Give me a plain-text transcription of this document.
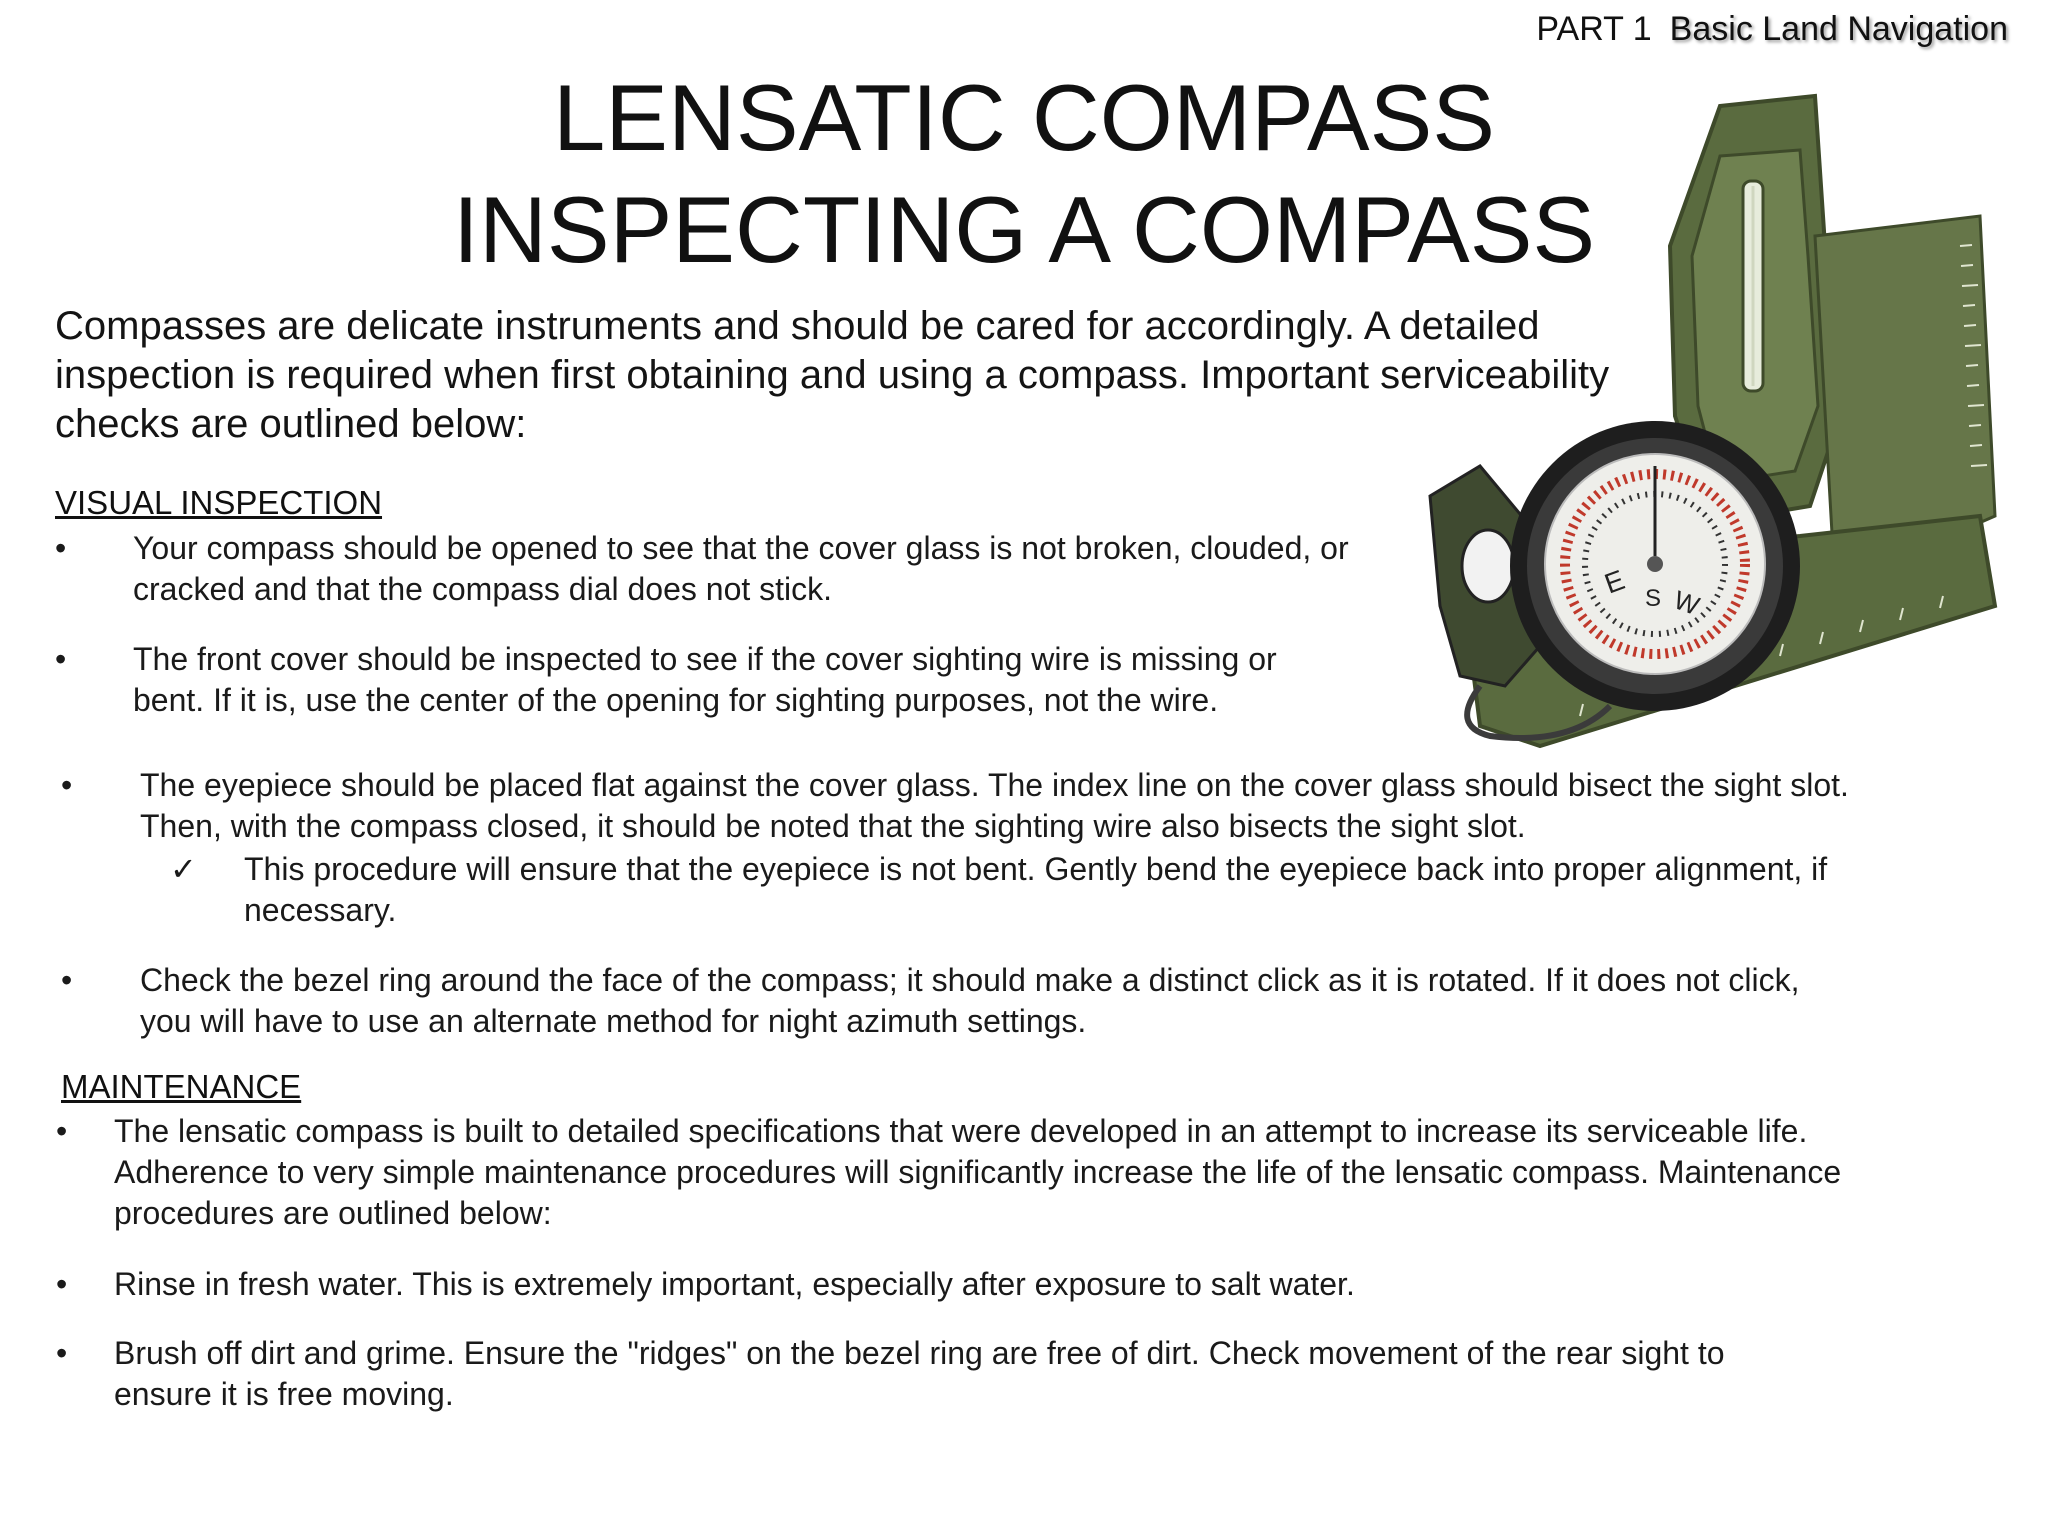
PART 1 Basic Land Navigation
LENSATIC COMPASS
INSPECTING A COMPASS
E S W

Compasses are delicate instruments and should be cared for accordingly. A detailed
inspection is required when first obtaining and using a compass. Important serviceability
checks are outlined below:

VISUAL INSPECTION
• Your compass should be opened to see that the cover glass is not broken, clouded, or
cracked and that the compass dial does not stick.
• The front cover should be inspected to see if the cover sighting wire is missing or
bent. If it is, use the center of the opening for sighting purposes, not the wire.
• The eyepiece should be placed flat against the cover glass. The index line on the cover glass should bisect the sight slot.
Then, with the compass closed, it should be noted that the sighting wire also bisects the sight slot.
✓ This procedure will ensure that the eyepiece is not bent. Gently bend the eyepiece back into proper alignment, if
necessary.
• Check the bezel ring around the face of the compass; it should make a distinct click as it is rotated. If it does not click,
you will have to use an alternate method for night azimuth settings.
MAINTENANCE
• The lensatic compass is built to detailed specifications that were developed in an attempt to increase its serviceable life.
Adherence to very simple maintenance procedures will significantly increase the life of the lensatic compass. Maintenance
procedures are outlined below:
• Rinse in fresh water. This is extremely important, especially after exposure to salt water.
• Brush off dirt and grime. Ensure the "ridges" on the bezel ring are free of dirt. Check movement of the rear sight to
ensure it is free moving.
